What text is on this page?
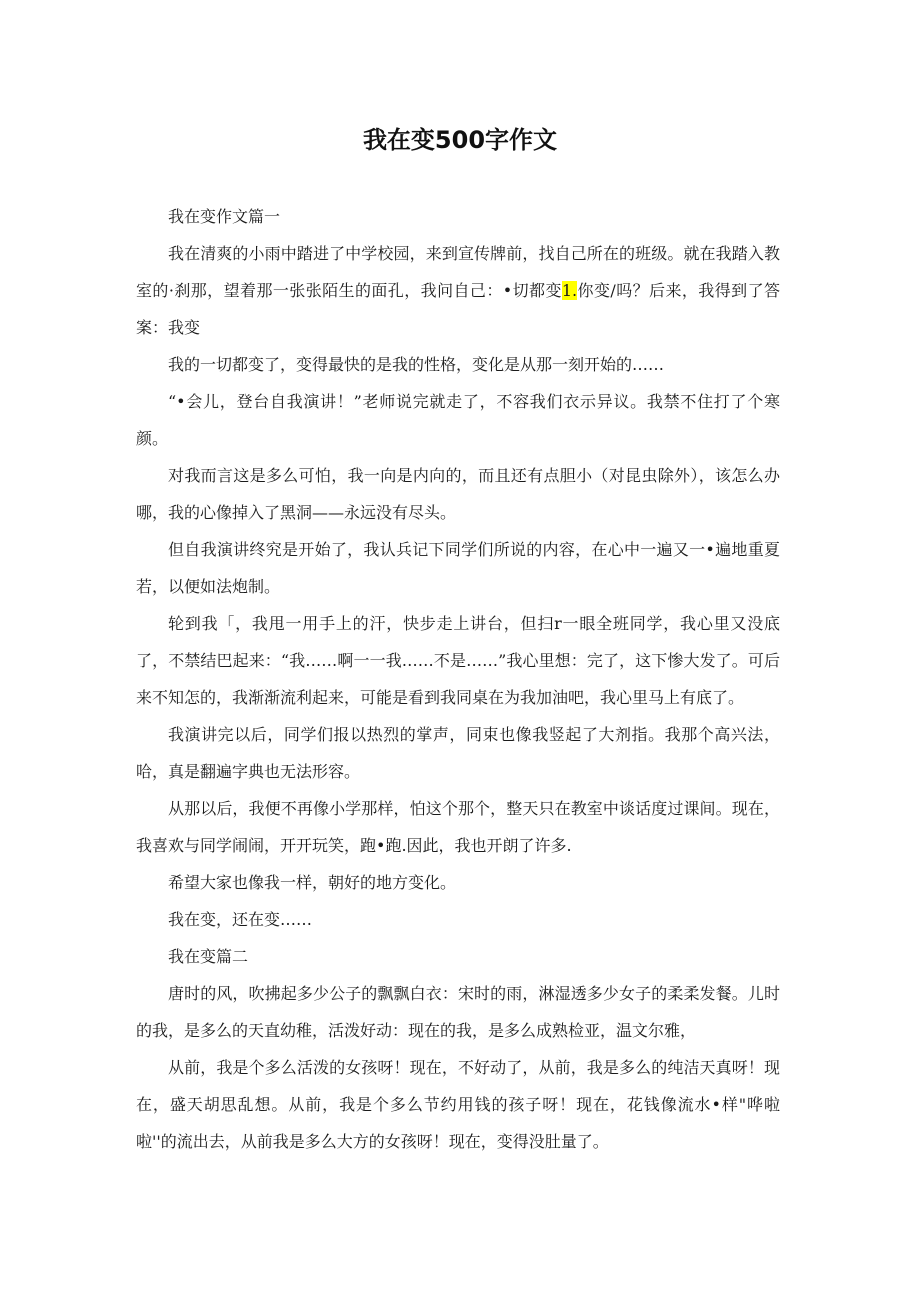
我在变500字作文

我在变作文篇一

我在清爽的小雨中踏进了中学校园，来到宣传牌前，找自己所在的班级。就在我踏入教室的·刹那，望着那一张张陌生的面孔，我问自己：•切都变1.你变/吗？后来，我得到了答案：我变

我的一切都变了，变得最快的是我的性格，变化是从那一刻开始的……

“•会儿，登台自我演讲！”老师说完就走了，不容我们衣示异议。我禁不住打了个寒颜。

对我而言这是多么可怕，我一向是内向的，而且还有点胆小（对昆虫除外），该怎么办哪，我的心像掉入了黑洞——永远没有尽头。

但自我演讲终究是开始了，我认兵记下同学们所说的内容，在心中一遍又一•遍地重夏若，以便如法炮制。

轮到我「，我甩一用手上的汗，快步走上讲台，但扫r一眼全班同学，我心里又没底了，不禁结巴起来：“我……啊一一我……不是……”我心里想：完了，这下惨大发了。可后来不知怎的，我渐渐流利起来，可能是看到我同桌在为我加油吧，我心里马上有底了。

我演讲完以后，同学们报以热烈的掌声，同束也像我竖起了大剂指。我那个高兴法，哈，真是翻遍字典也无法形容。

从那以后，我便不再像小学那样，怕这个那个，整天只在教室中谈话度过课间。现在，我喜欢与同学闹闹，开开玩笑，跑•跑.因此，我也开朗了许多.

希望大家也像我一样，朝好的地方变化。

我在变，还在变……

我在变篇二

唐时的风，吹拂起多少公子的飘飘白衣：宋时的雨，淋湿透多少女子的柔柔发餐。儿时的我，是多么的天直幼稚，活泼好动：现在的我，是多么成熟检亚，温文尔雅，

从前，我是个多么活泼的女孩呀！现在，不好动了，从前，我是多么的纯洁天真呀！现在，盛天胡思乱想。从前，我是个多么节约用钱的孩子呀！现在，花钱像流水•样"哗啦啦''的流出去，从前我是多么大方的女孩呀！现在，变得没肚量了。
